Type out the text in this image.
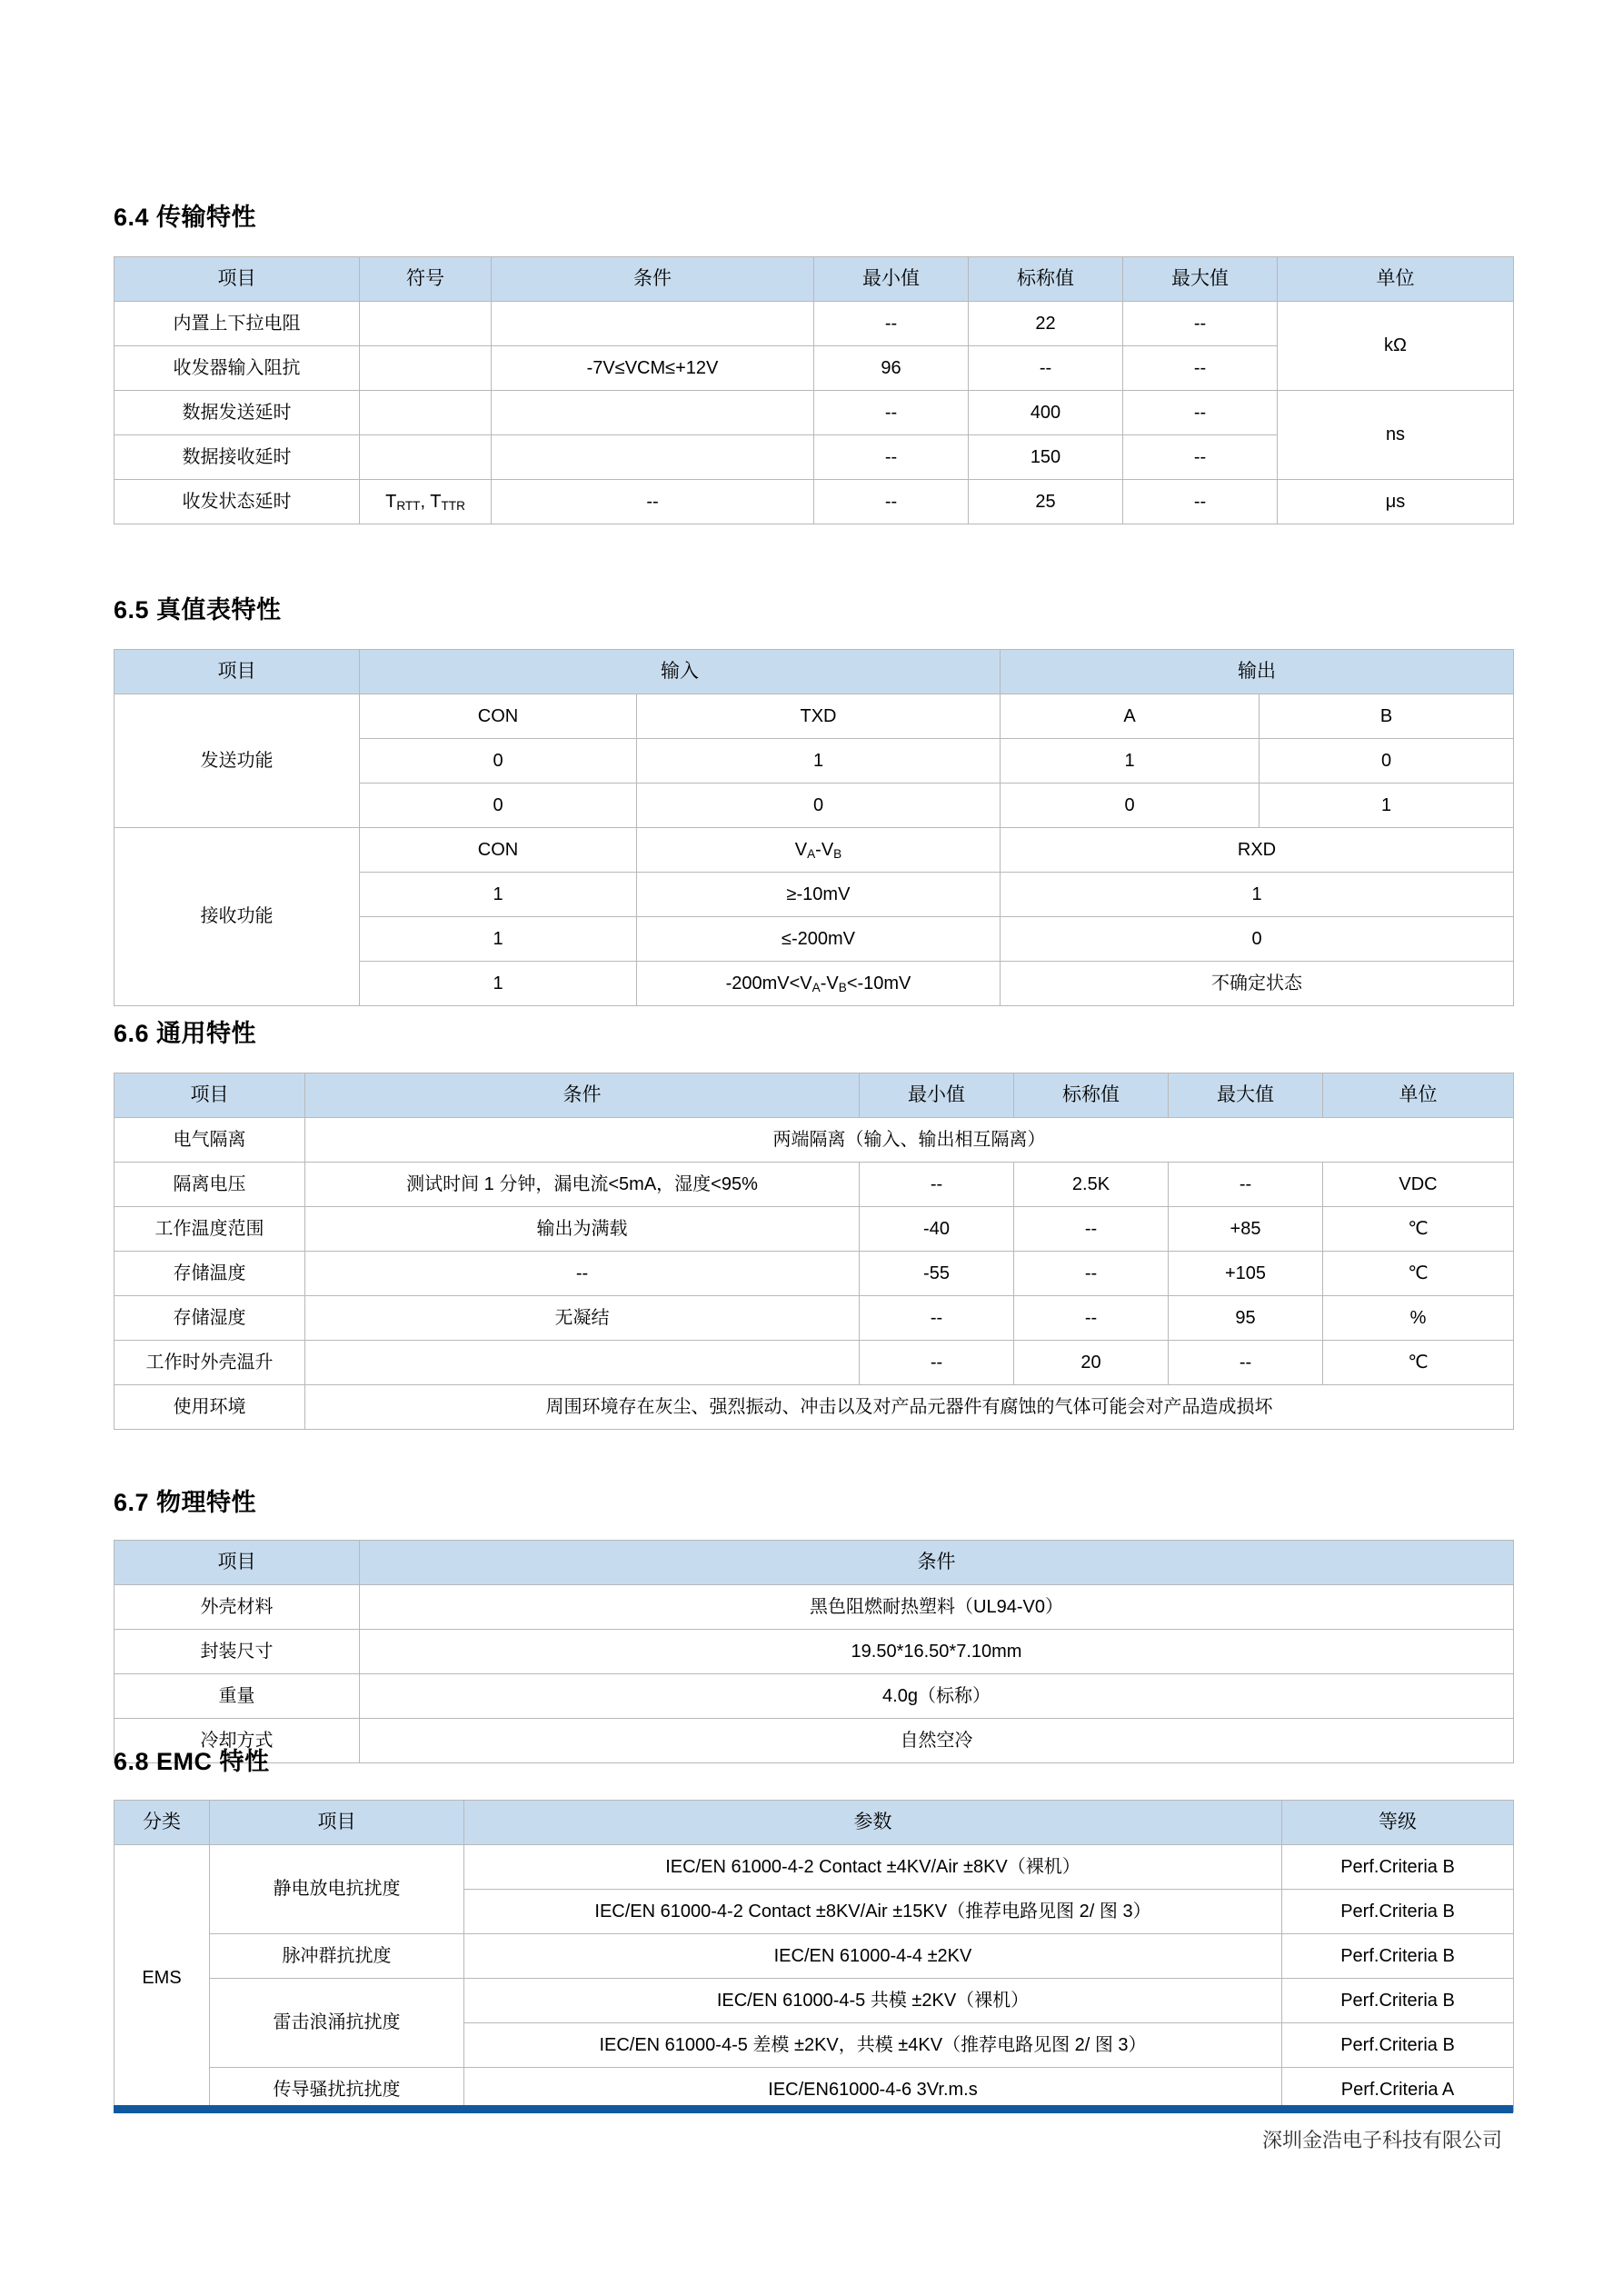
6.4 传输特性
项目	符号	条件	最小值	标称值	最大值	单位
内置上下拉电阻			--	22	--	kΩ
收发器输入阻抗		-7V≤VCM≤+12V	96	--	--	
数据发送延时			--	400	--	ns
数据接收延时			--	150	--	
收发状态延时	$T_{RTT}$, $T_{TTR}$	--	--	25	--	μs
6.5 真值表特性
项目	输入		输出	
发送功能	CON	TXD	A	B
	0	1	1	0
	0	0	0	1
接收功能	CON	$V_A-V_B$	RXD	
	1	≥-10mV	1	
	1	≤-200mV	0	
	1	$-200mV<V_A-V_B<-10mV$	不确定状态	
6.6 通用特性
项目	条件	最小值	标称值	最大值	单位
电气隔离	两端隔离（输入、输出相互隔离）				
隔离电压	测试时间 1 分钟，漏电流<5mA，湿度<95%	--	2.5K	--	VDC
工作温度范围	输出为满载	-40	--	+85	℃
存储温度	--	-55	--	+105	℃
存储湿度	无凝结	--	--	95	%
工作时外壳温升		--	20	--	℃
使用环境	周围环境存在灰尘、强烈振动、冲击以及对产品元器件有腐蚀的气体可能会对产品造成损坏				
6.7 物理特性
项目	条件
外壳材料	黑色阻燃耐热塑料（UL94-V0）
封装尺寸	19.50*16.50*7.10mm
重量	4.0g（标称）
冷却方式	自然空冷
6.8 EMC 特性
分类	项目	参数	等级
EMS	静电放电抗扰度	IEC/EN 61000-4-2 Contact ±4KV/Air ±8KV（裸机）	Perf.Criteria B
		IEC/EN 61000-4-2 Contact ±8KV/Air ±15KV（推荐电路见图 2/ 图 3）	Perf.Criteria B
	脉冲群抗扰度	IEC/EN 61000-4-4 ±2KV	Perf.Criteria B
	雷击浪涌抗扰度	IEC/EN 61000-4-5 共模 ±2KV（裸机）	Perf.Criteria B
		IEC/EN 61000-4-5 差模 ±2KV，共模 ±4KV（推荐电路见图 2/ 图 3）	Perf.Criteria B
	传导骚扰抗扰度	IEC/EN61000-4-6 3Vr.m.s	Perf.Criteria A
深圳金浩电子科技有限公司
